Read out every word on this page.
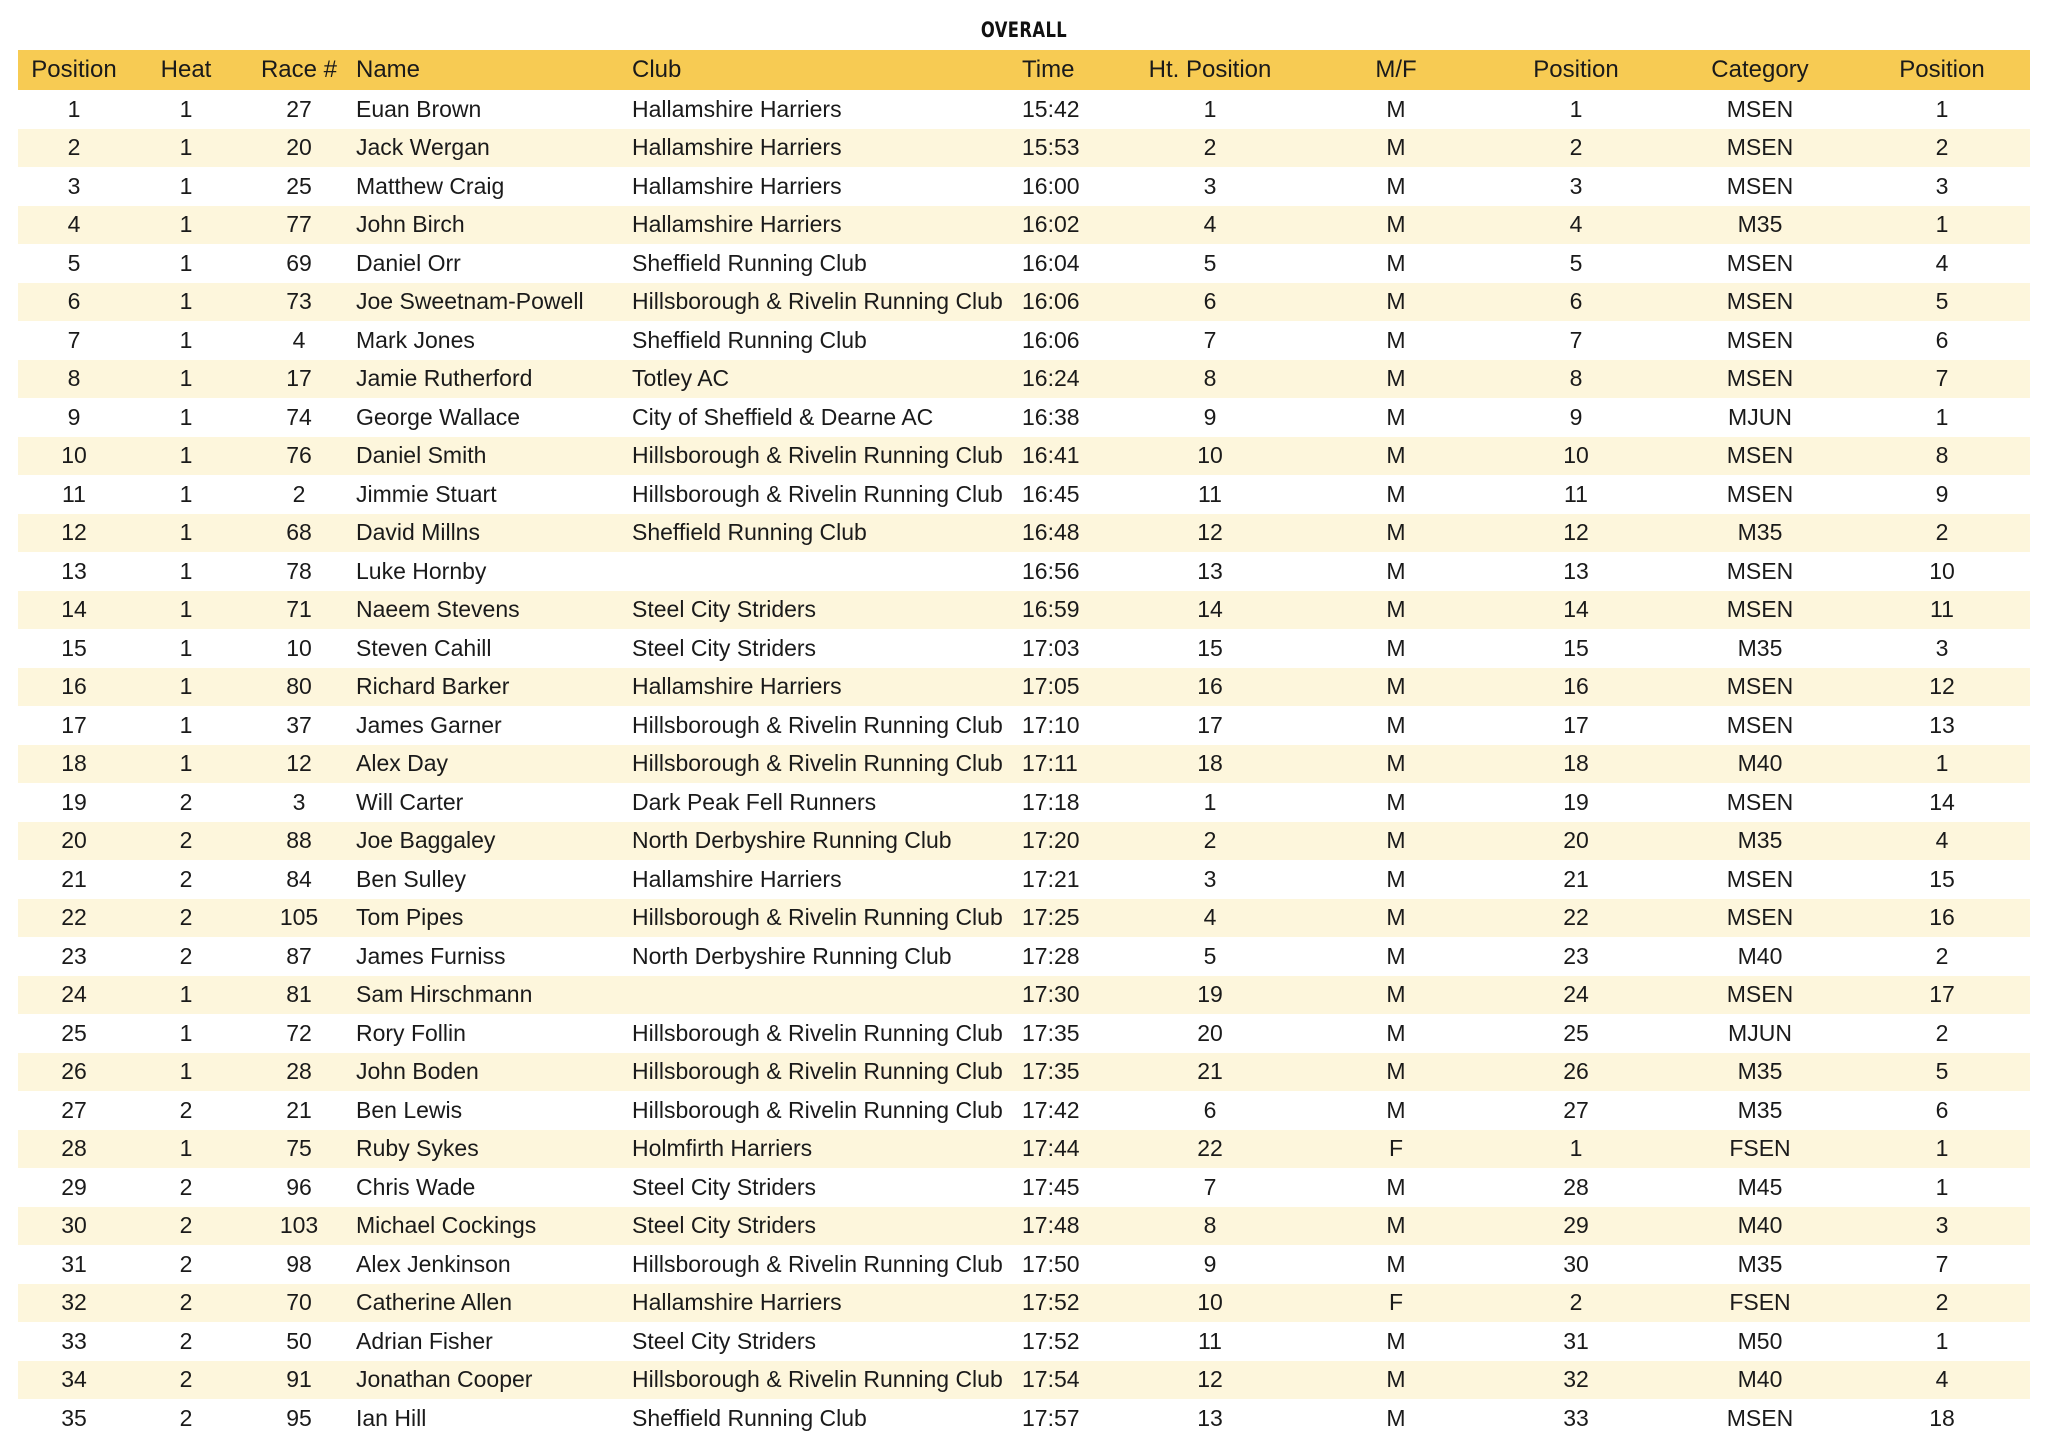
OVERALL
Position	Heat	Race #	Name	Club	Time	Ht. Position	M/F	Position	Category	Position
1	1	27	Euan Brown	Hallamshire Harriers	15:42	1	M	1	MSEN	1
2	1	20	Jack Wergan	Hallamshire Harriers	15:53	2	M	2	MSEN	2
3	1	25	Matthew Craig	Hallamshire Harriers	16:00	3	M	3	MSEN	3
4	1	77	John Birch	Hallamshire Harriers	16:02	4	M	4	M35	1
5	1	69	Daniel Orr	Sheffield Running Club	16:04	5	M	5	MSEN	4
6	1	73	Joe Sweetnam-Powell	Hillsborough & Rivelin Running Club	16:06	6	M	6	MSEN	5
7	1	4	Mark Jones	Sheffield Running Club	16:06	7	M	7	MSEN	6
8	1	17	Jamie Rutherford	Totley AC	16:24	8	M	8	MSEN	7
9	1	74	George Wallace	City of Sheffield & Dearne AC	16:38	9	M	9	MJUN	1
10	1	76	Daniel Smith	Hillsborough & Rivelin Running Club	16:41	10	M	10	MSEN	8
11	1	2	Jimmie Stuart	Hillsborough & Rivelin Running Club	16:45	11	M	11	MSEN	9
12	1	68	David Millns	Sheffield Running Club	16:48	12	M	12	M35	2
13	1	78	Luke Hornby		16:56	13	M	13	MSEN	10
14	1	71	Naeem Stevens	Steel City Striders	16:59	14	M	14	MSEN	11
15	1	10	Steven Cahill	Steel City Striders	17:03	15	M	15	M35	3
16	1	80	Richard Barker	Hallamshire Harriers	17:05	16	M	16	MSEN	12
17	1	37	James Garner	Hillsborough & Rivelin Running Club	17:10	17	M	17	MSEN	13
18	1	12	Alex Day	Hillsborough & Rivelin Running Club	17:11	18	M	18	M40	1
19	2	3	Will Carter	Dark Peak Fell Runners	17:18	1	M	19	MSEN	14
20	2	88	Joe Baggaley	North Derbyshire Running Club	17:20	2	M	20	M35	4
21	2	84	Ben Sulley	Hallamshire Harriers	17:21	3	M	21	MSEN	15
22	2	105	Tom Pipes	Hillsborough & Rivelin Running Club	17:25	4	M	22	MSEN	16
23	2	87	James Furniss	North Derbyshire Running Club	17:28	5	M	23	M40	2
24	1	81	Sam Hirschmann		17:30	19	M	24	MSEN	17
25	1	72	Rory Follin	Hillsborough & Rivelin Running Club	17:35	20	M	25	MJUN	2
26	1	28	John Boden	Hillsborough & Rivelin Running Club	17:35	21	M	26	M35	5
27	2	21	Ben Lewis	Hillsborough & Rivelin Running Club	17:42	6	M	27	M35	6
28	1	75	Ruby Sykes	Holmfirth Harriers	17:44	22	F	1	FSEN	1
29	2	96	Chris Wade	Steel City Striders	17:45	7	M	28	M45	1
30	2	103	Michael Cockings	Steel City Striders	17:48	8	M	29	M40	3
31	2	98	Alex Jenkinson	Hillsborough & Rivelin Running Club	17:50	9	M	30	M35	7
32	2	70	Catherine Allen	Hallamshire Harriers	17:52	10	F	2	FSEN	2
33	2	50	Adrian Fisher	Steel City Striders	17:52	11	M	31	M50	1
34	2	91	Jonathan Cooper	Hillsborough & Rivelin Running Club	17:54	12	M	32	M40	4
35	2	95	Ian Hill	Sheffield Running Club	17:57	13	M	33	MSEN	18
